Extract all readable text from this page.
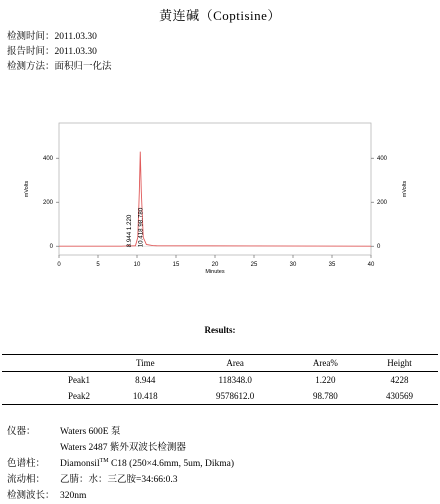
黄连碱（Coptisine）
检测时间：2011.03.30
报告时间：2011.03.30
检测方法：面积归一化法
0	5	10	15	20	25	30	35	40
0
200
400
0
200
400
8.944 1.220 10.418 98.780
Minutes
mVolts	mVolts
Results:
	Time	Area	Area%	Height
Peak1	8.944	118348.0	1.220	4228
Peak2	10.418	9578612.0	98.780	430569
仪器：	Waters 600E 泵
Waters 2487 紫外双波长检测器
色谱柱：	Diamonsil™ C18 (250×4.6mm, 5um, Dikma)
流动相：	乙腈：水：三乙胺=34:66:0.3
检测波长： 320nm
